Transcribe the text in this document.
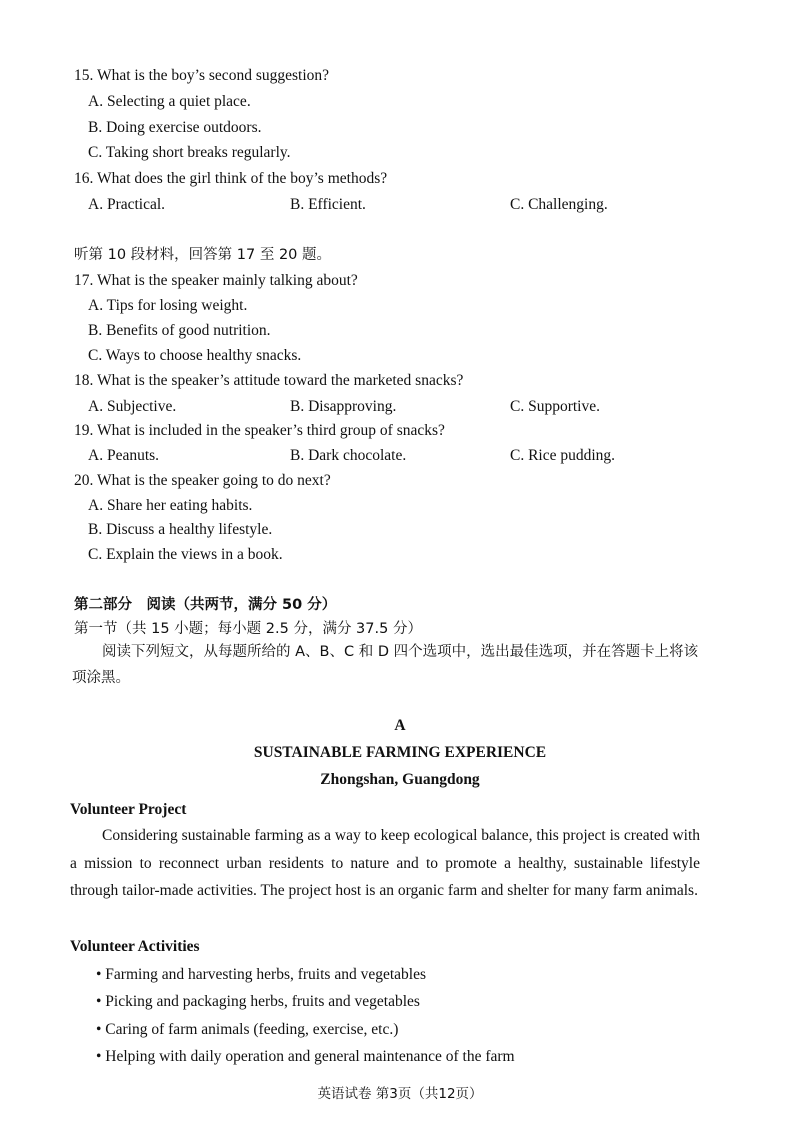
15. What is the boy’s second suggestion?
A. Selecting a quiet place.
B. Doing exercise outdoors.
C. Taking short breaks regularly.
16. What does the girl think of the boy’s methods?
A. Practical.	B. Efficient.	C. Challenging.
听第 10 段材料，回答第 17 至 20 题。
17. What is the speaker mainly talking about?
A. Tips for losing weight.
B. Benefits of good nutrition.
C. Ways to choose healthy snacks.
18. What is the speaker’s attitude toward the marketed snacks?
A. Subjective.	B. Disapproving.	C. Supportive.
19. What is included in the speaker’s third group of snacks?
A. Peanuts.	B. Dark chocolate.	C. Rice pudding.
20. What is the speaker going to do next?
A. Share her eating habits.
B. Discuss a healthy lifestyle.
C. Explain the views in a book.
第二部分　阅读（共两节，满分 50 分）
第一节（共 15 小题；每小题 2.5 分，满分 37.5 分）
阅读下列短文，从每题所给的 A、B、C 和 D 四个选项中，选出最佳选项，并在答题卡上将该项涂黑。
A
SUSTAINABLE FARMING EXPERIENCE
Zhongshan, Guangdong
Volunteer Project
Considering sustainable farming as a way to keep ecological balance, this project is created with a mission to reconnect urban residents to nature and to promote a healthy, sustainable lifestyle through tailor-made activities. The project host is an organic farm and shelter for many farm animals.
Volunteer Activities
• Farming and harvesting herbs, fruits and vegetables
• Picking and packaging herbs, fruits and vegetables
• Caring of farm animals (feeding, exercise, etc.)
• Helping with daily operation and general maintenance of the farm
英语试卷 第3页（共12页）
